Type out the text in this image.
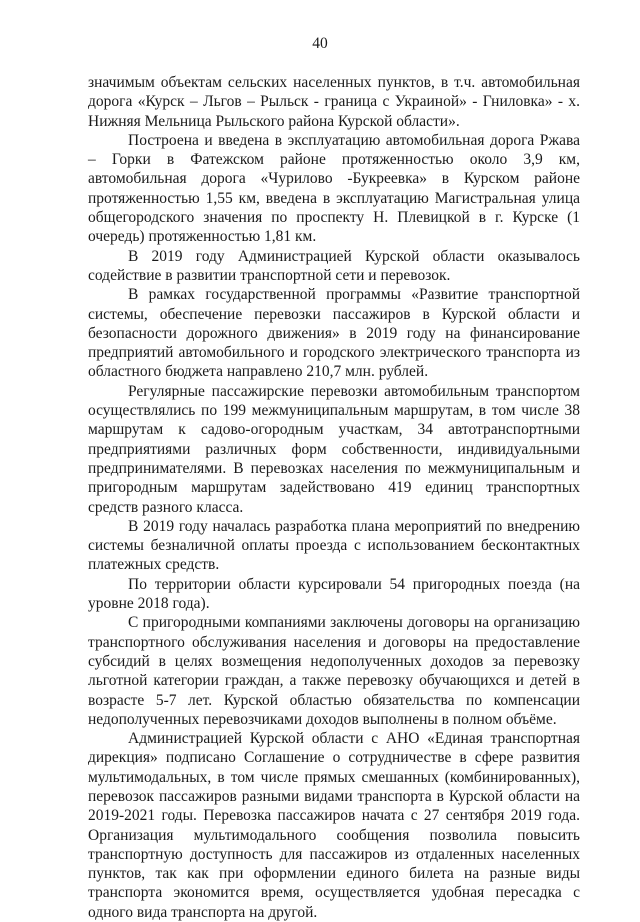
40

значимым объектам сельских населенных пунктов, в т.ч. автомобильная дорога «Курск – Льгов – Рыльск - граница с Украиной» - Гниловка» - х. Нижняя Мельница Рыльского района Курской области».

Построена и введена в эксплуатацию автомобильная дорога Ржава – Горки в Фатежском районе протяженностью около 3,9 км, автомобильная дорога «Чурилово -Букреевка» в Курском районе протяженностью 1,55 км, введена в эксплуатацию Магистральная улица общегородского значения по проспекту Н. Плевицкой в г. Курске (1 очередь) протяженностью 1,81 км.

В 2019 году Администрацией Курской области оказывалось содействие в развитии транспортной сети и перевозок.

В рамках государственной программы «Развитие транспортной системы, обеспечение перевозки пассажиров в Курской области и безопасности дорожного движения» в 2019 году на финансирование предприятий автомобильного и городского электрического транспорта из областного бюджета направлено 210,7 млн. рублей.

Регулярные пассажирские перевозки автомобильным транспортом осуществлялись по 199 межмуниципальным маршрутам, в том числе 38 маршрутам к садово-огородным участкам, 34 автотранспортными предприятиями различных форм собственности, индивидуальными предпринимателями. В перевозках населения по межмуниципальным и пригородным маршрутам задействовано 419 единиц транспортных средств разного класса.

В 2019 году началась разработка плана мероприятий по внедрению системы безналичной оплаты проезда с использованием бесконтактных платежных средств.

По территории области курсировали 54 пригородных поезда (на уровне 2018 года).

С пригородными компаниями заключены договоры на организацию транспортного обслуживания населения и договоры на предоставление субсидий в целях возмещения недополученных доходов за перевозку льготной категории граждан, а также перевозку обучающихся и детей в возрасте 5-7 лет. Курской областью обязательства по компенсации недополученных перевозчиками доходов выполнены в полном объёме.

Администрацией Курской области с АНО «Единая транспортная дирекция» подписано Соглашение о сотрудничестве в сфере развития мультимодальных, в том числе прямых смешанных (комбинированных), перевозок пассажиров разными видами транспорта в Курской области на 2019-2021 годы. Перевозка пассажиров начата с 27 сентября 2019 года. Организация мультимодального сообщения позволила повысить транспортную доступность для пассажиров из отдаленных населенных пунктов, так как при оформлении единого билета на разные виды транспорта экономится время, осуществляется удобная пересадка с одного вида транспорта на другой.
